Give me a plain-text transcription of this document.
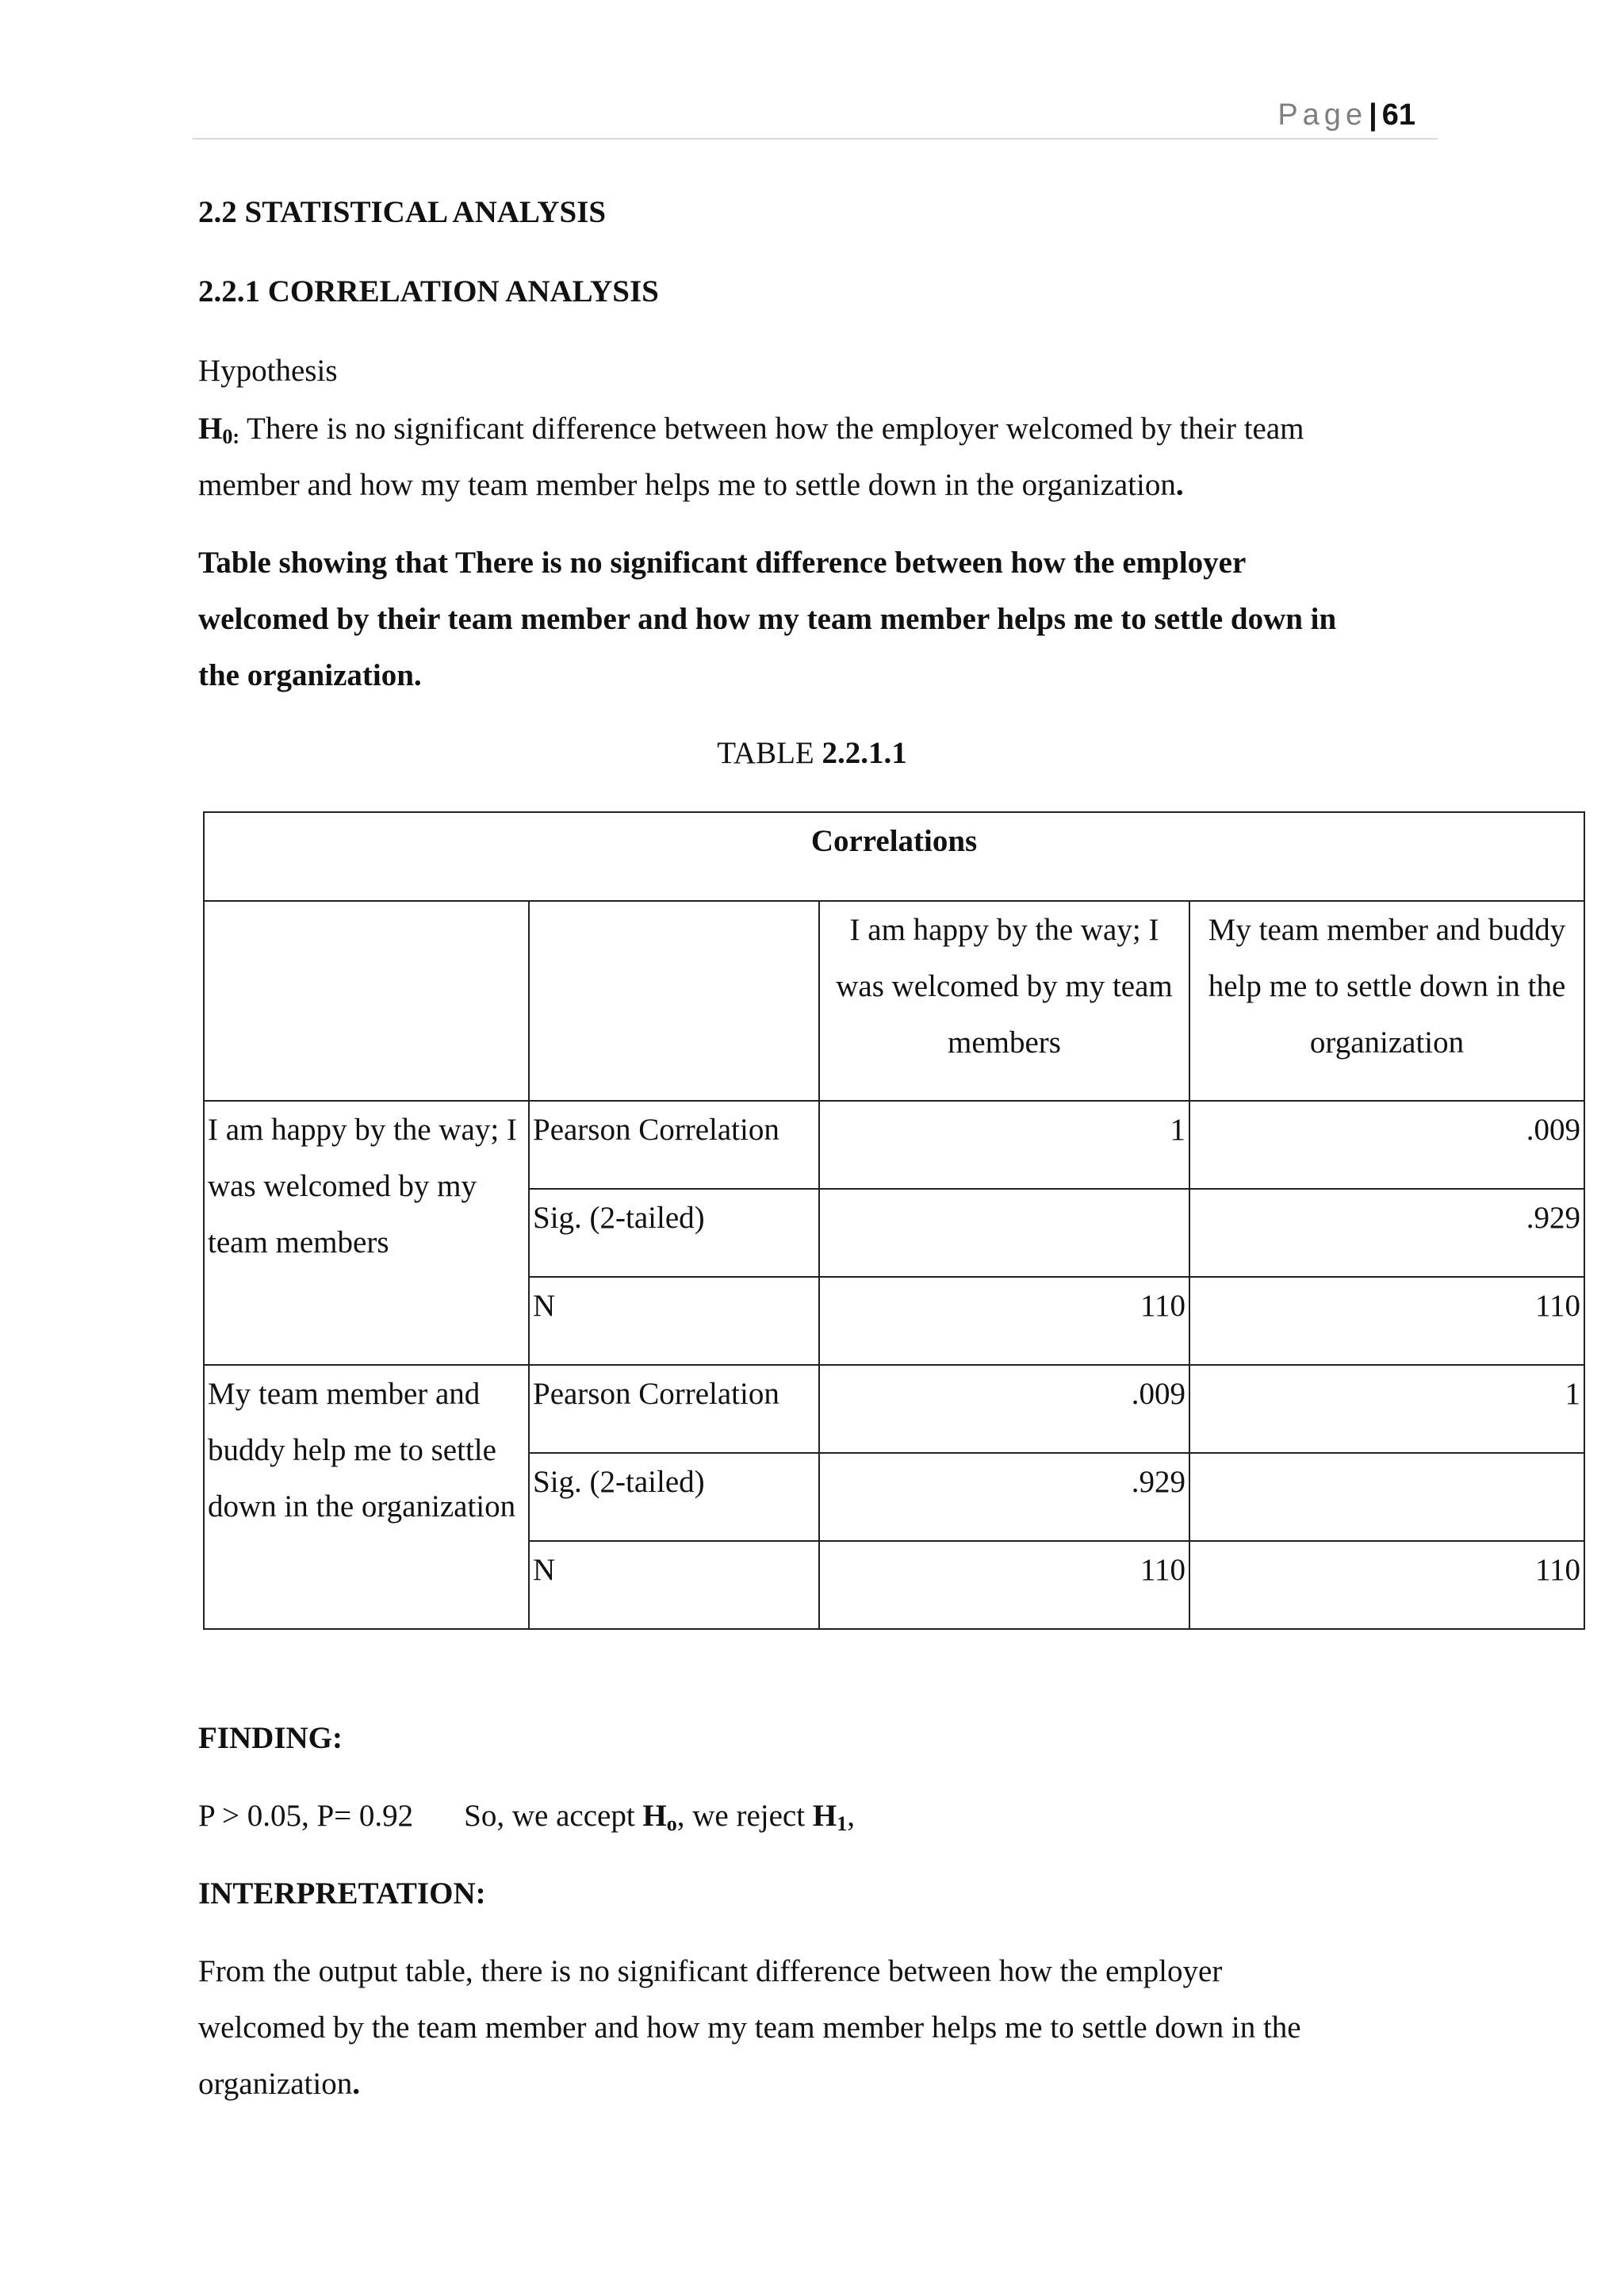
Page| 61
2.2 STATISTICAL ANALYSIS
2.2.1 CORRELATION ANALYSIS

Hypothesis

$H_{0:}$ There is no significant difference between how the employer welcomed by their team

member and how my team member helps me to settle down in the organization.

Table showing that There is no significant difference between how the employer

welcomed by their team member and how my team member helps me to settle down in

the organization.

TABLE 2.2.1.1
Correlations			
		I am happy by the way; I was welcomed by my team members	My team member and buddy help me to settle down in the organization
I am happy by the way; I was welcomed by my team members	Pearson Correlation	1	.009
	Sig. (2-tailed)		.929
	N	110	110
My team member and buddy help me to settle down in the organization	Pearson Correlation	.009	1
	Sig. (2-tailed)	.929	
	N	110	110

FINDING:

P > 0.05, P= 0.92 So, we accept $H_o$, we reject $H_1$,

INTERPRETATION:

From the output table, there is no significant difference between how the employer

welcomed by the team member and how my team member helps me to settle down in the

organization.
